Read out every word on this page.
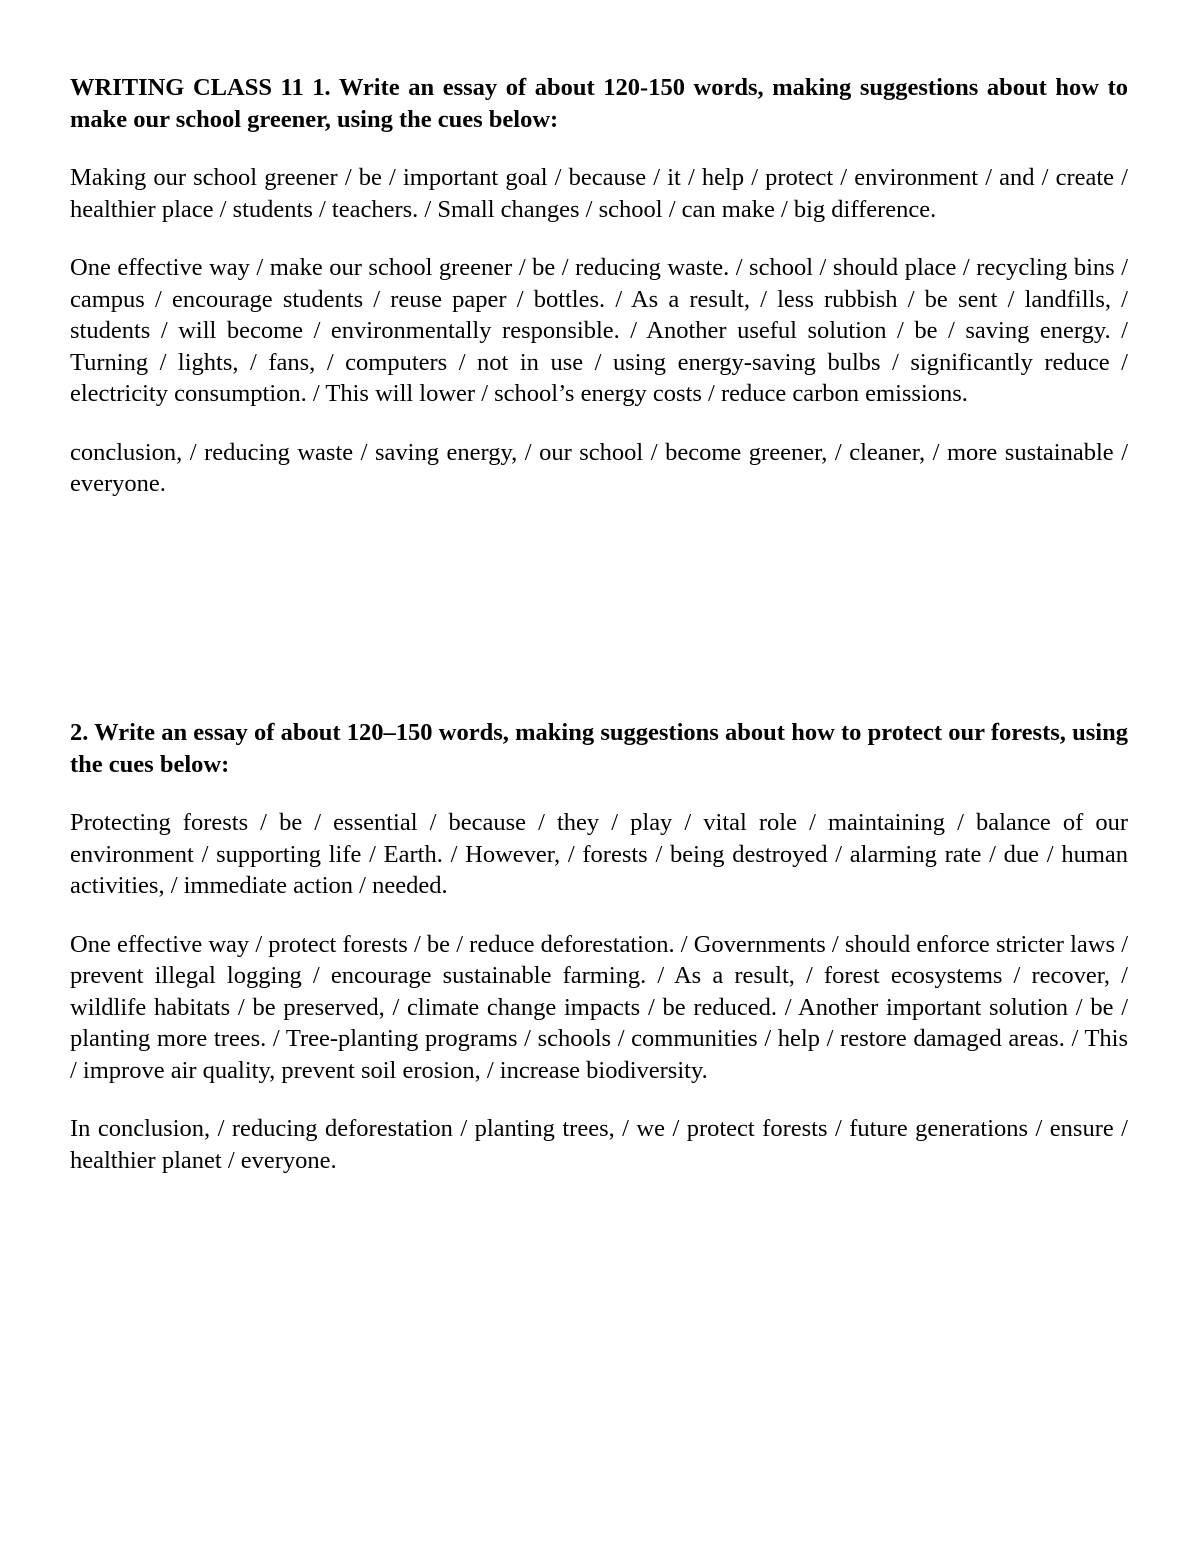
WRITING CLASS 11 1. Write an essay of about 120-150 words, making suggestions about how to make our school greener, using the cues below:

Making our school greener / be / important goal / because / it / help / protect / environment / and / create / healthier place / students / teachers. / Small changes / school / can make / big difference.

One effective way / make our school greener / be / reducing waste. / school / should place / recycling bins / campus / encourage students / reuse paper / bottles. / As a result, / less rubbish / be sent / landfills, / students / will become / environmentally responsible. / Another useful solution / be / saving energy. / Turning / lights, / fans, / computers / not in use / using energy-saving bulbs / significantly reduce / electricity consumption. / This will lower / school’s energy costs / reduce carbon emissions.

conclusion, / reducing waste / saving energy, / our school / become greener, / cleaner, / more sustainable / everyone.

2. Write an essay of about 120–150 words, making suggestions about how to protect our forests, using the cues below:

Protecting forests / be / essential / because / they / play / vital role / maintaining / balance of our environment / supporting life / Earth. / However, / forests / being destroyed / alarming rate / due / human activities, / immediate action / needed.

One effective way / protect forests / be / reduce deforestation. / Governments / should enforce stricter laws / prevent illegal logging / encourage sustainable farming. / As a result, / forest ecosystems / recover, / wildlife habitats / be preserved, / climate change impacts / be reduced. / Another important solution / be / planting more trees. / Tree-planting programs / schools / communities / help / restore damaged areas. / This / improve air quality, prevent soil erosion, / increase biodiversity.

In conclusion, / reducing deforestation / planting trees, / we / protect forests / future generations / ensure / healthier planet / everyone.
